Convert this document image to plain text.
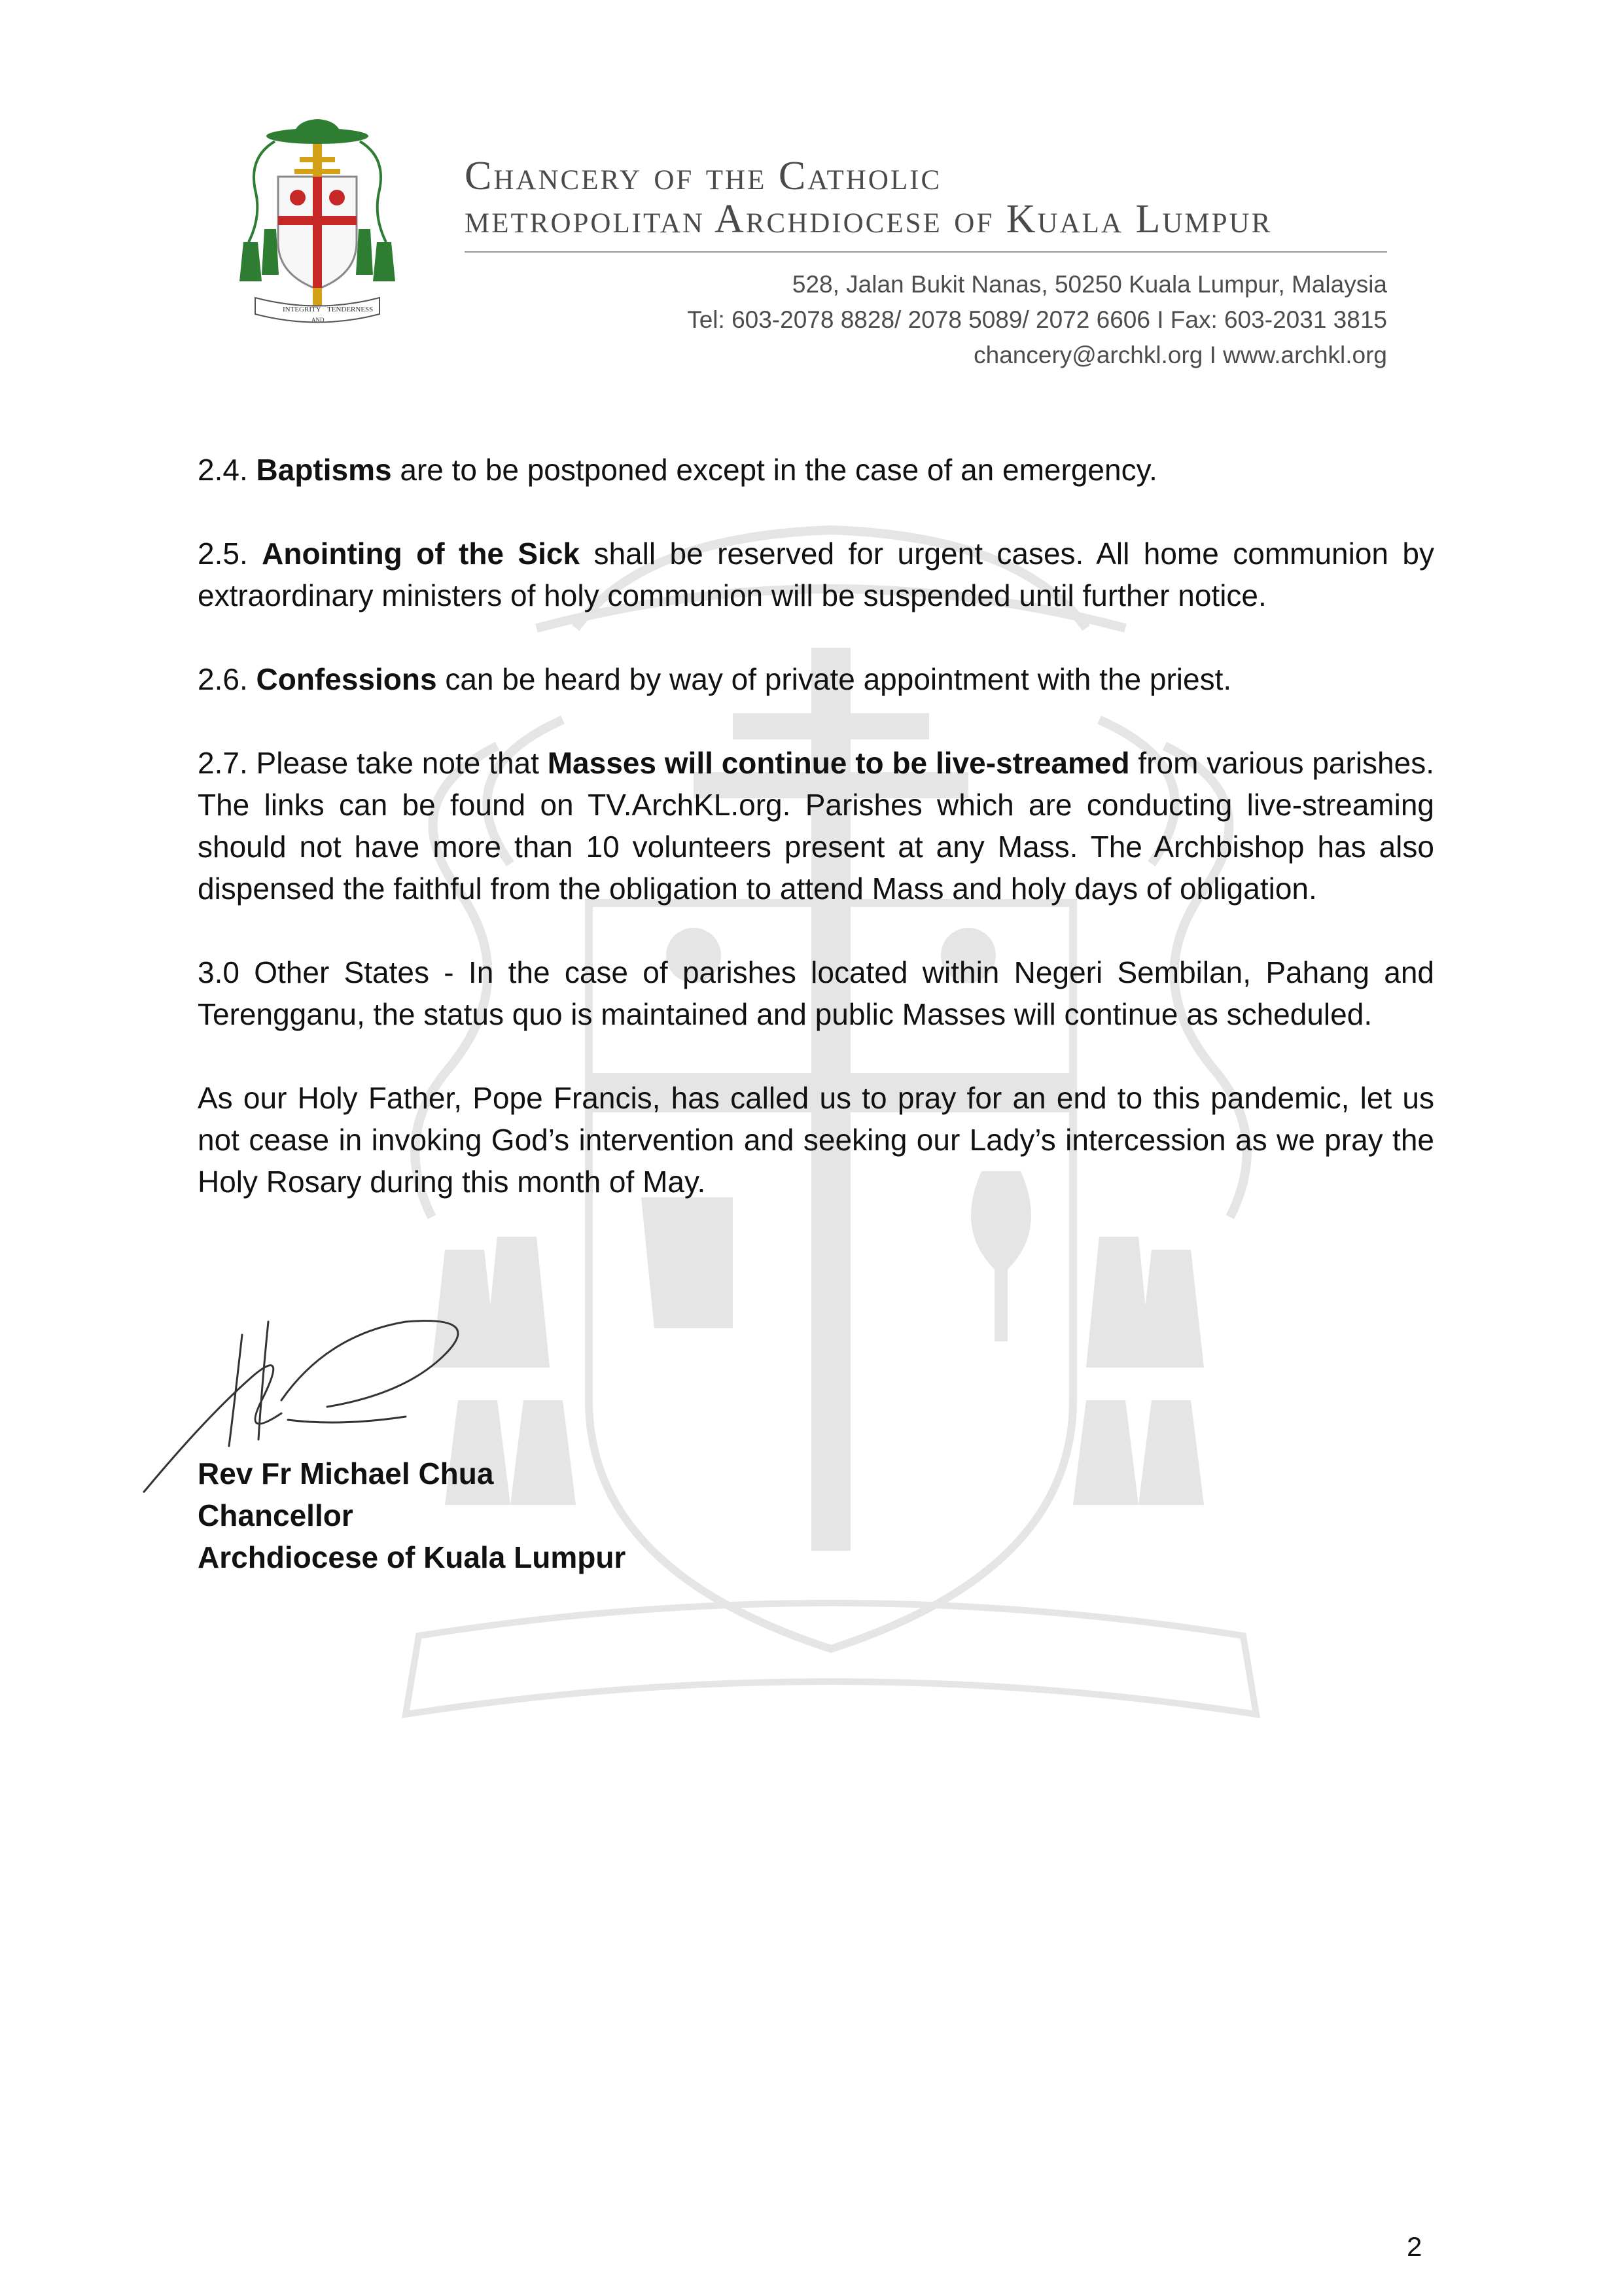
INTEGRITY
AND
TENDERNESS
Chancery of the Catholic
metropolitan Archdiocese of Kuala Lumpur
528, Jalan Bukit Nanas, 50250 Kuala Lumpur, Malaysia
Tel: 603-2078 8828/ 2078 5089/ 2072 6606 I Fax: 603-2031 3815
chancery@archkl.org I www.archkl.org

2.4. Baptisms are to be postponed except in the case of an emergency.

2.5. Anointing of the Sick shall be reserved for urgent cases. All home communion by extraordinary ministers of holy communion will be suspended until further notice.

2.6. Confessions can be heard by way of private appointment with the priest.

2.7. Please take note that Masses will continue to be live-streamed from various parishes. The links can be found on TV.ArchKL.org. Parishes which are conducting live-streaming should not have more than 10 volunteers present at any Mass. The Archbishop has also dispensed the faithful from the obligation to attend Mass and holy days of obligation.

3.0 Other States - In the case of parishes located within Negeri Sembilan, Pahang and Terengganu, the status quo is maintained and public Masses will continue as scheduled.

As our Holy Father, Pope Francis, has called us to pray for an end to this pandemic, let us not cease in invoking God’s intervention and seeking our Lady’s intercession as we pray the Holy Rosary during this month of May.

Rev Fr Michael Chua
Chancellor
Archdiocese of Kuala Lumpur
2
